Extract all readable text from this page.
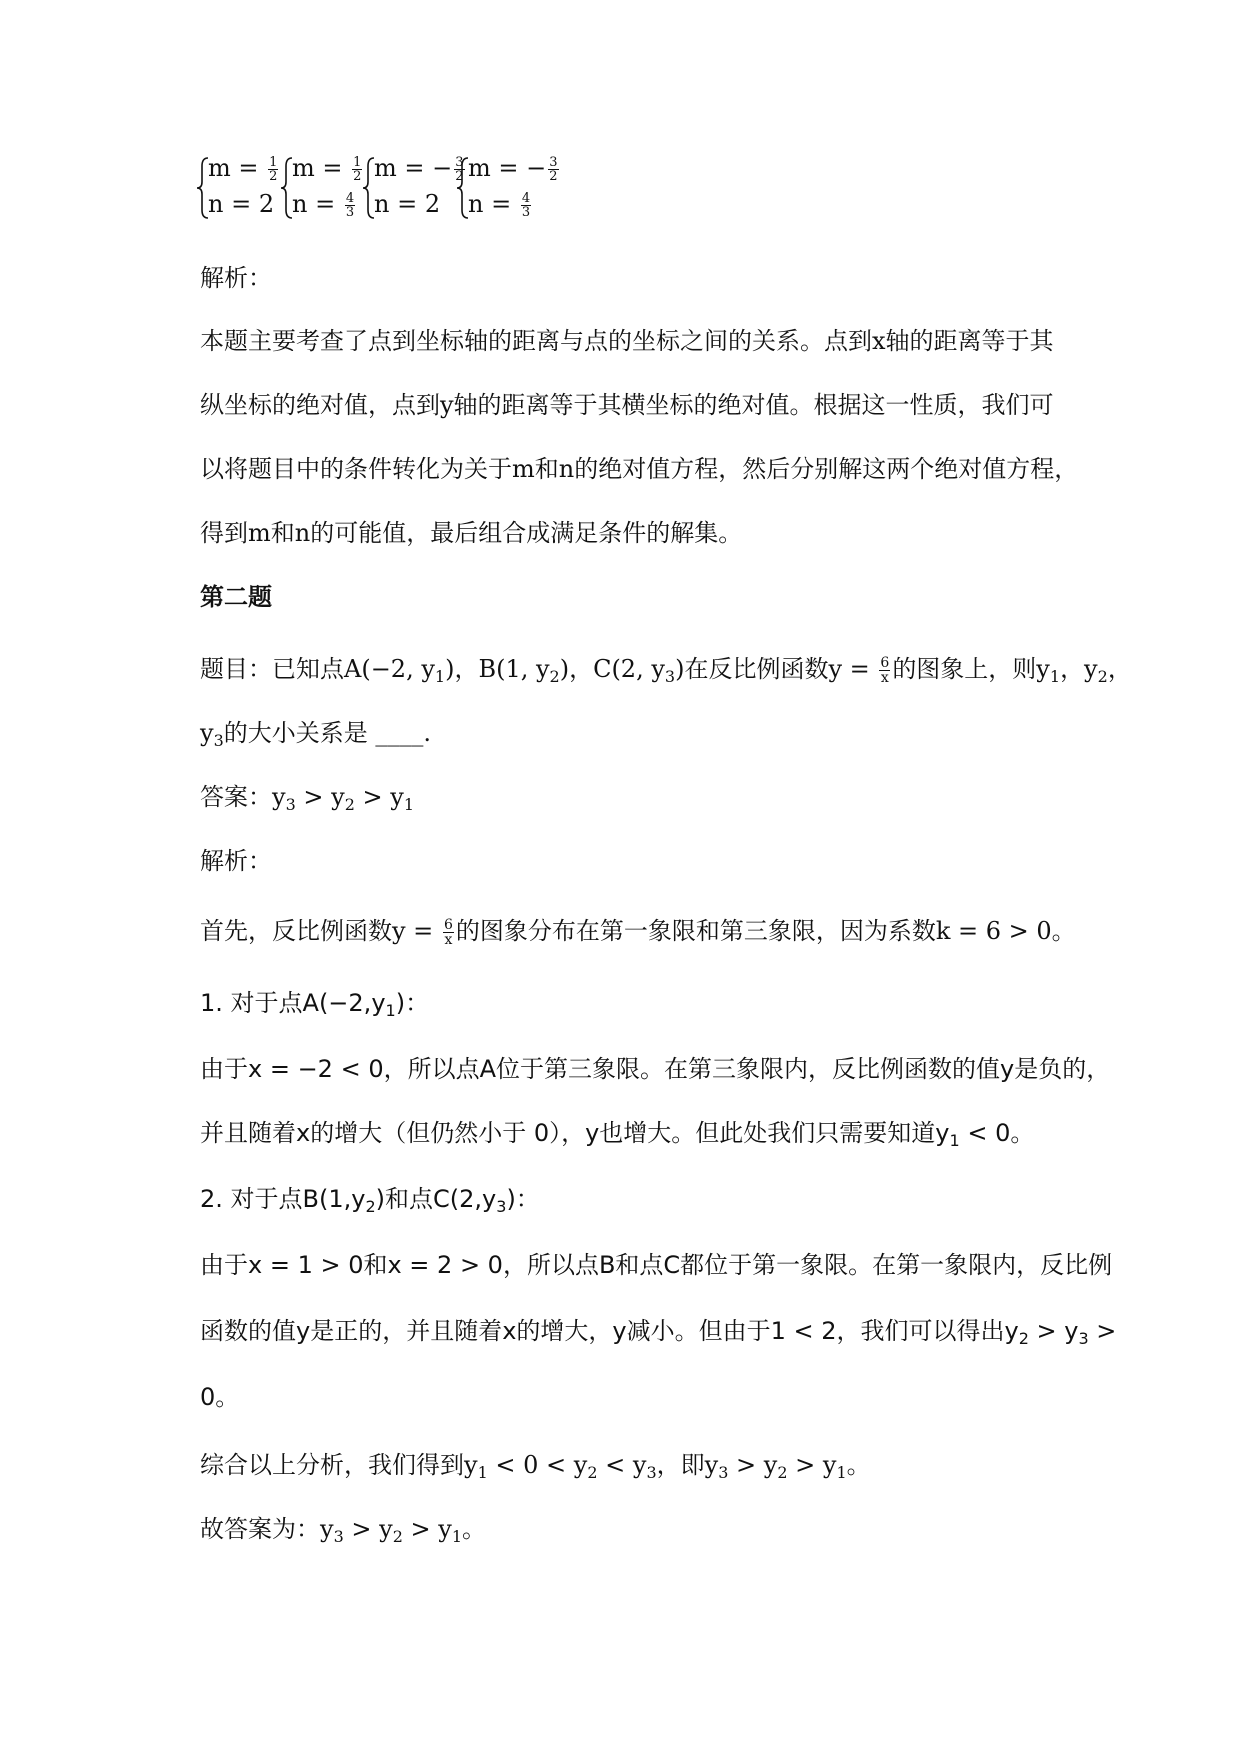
$m = \frac{1}{2}$
n = 2
$m = \frac{1}{2}$
$n = \frac{4}{3}$
m = − $\frac{3}{2}$
n = 2
m = − $\frac{3}{2}$
$n = \frac{4}{3}$
解析：
本题主要考查了点到坐标轴的距离与点的坐标之间的关系。点到x轴的距离等于其
纵坐标的绝对值，点到y轴的距离等于其横坐标的绝对值。根据这一性质，我们可
以将题目中的条件转化为关于m和n的绝对值方程，然后分别解这两个绝对值方程，
得到m和n的可能值，最后组合成满足条件的解集。
第二题
题目：已知点A(−2, $y_1$)，B(1, $y_2$)，C(2, $y_3$)在反比例函数$y = \frac{6}{x}$ 的图象上，则$y_1$，$y_2$，
$y_3$的大小关系是 ____.
答案：$y_3 > y_2 > y_1$
解析：
首先，反比例函数$y = \frac{6}{x}$ 的图象分布在第一象限和第三象限，因为系数k = 6 > 0。
1. 对于点$A(-2,y_1)$：
由于x = −2 < 0，所以点A位于第三象限。在第三象限内，反比例函数的值y是负的，
并且随着x的增大（但仍然小于 0），y也增大。但此处我们只需要知道$y_1 < 0$。
2. 对于点$B(1,y_2)$和点$C(2,y_3)$：
由于x = 1 > 0和x = 2 > 0，所以点B和点C都位于第一象限。在第一象限内，反比例
函数的值y是正的，并且随着x的增大，y减小。但由于1 < 2，我们可以得出$y_2 > y_3$ >
0。
综合以上分析，我们得到$y_1 < 0 < y_2 < y_3$，即$y_3 > y_2 > y_1$。
故答案为：$y_3 > y_2 > y_1$。
